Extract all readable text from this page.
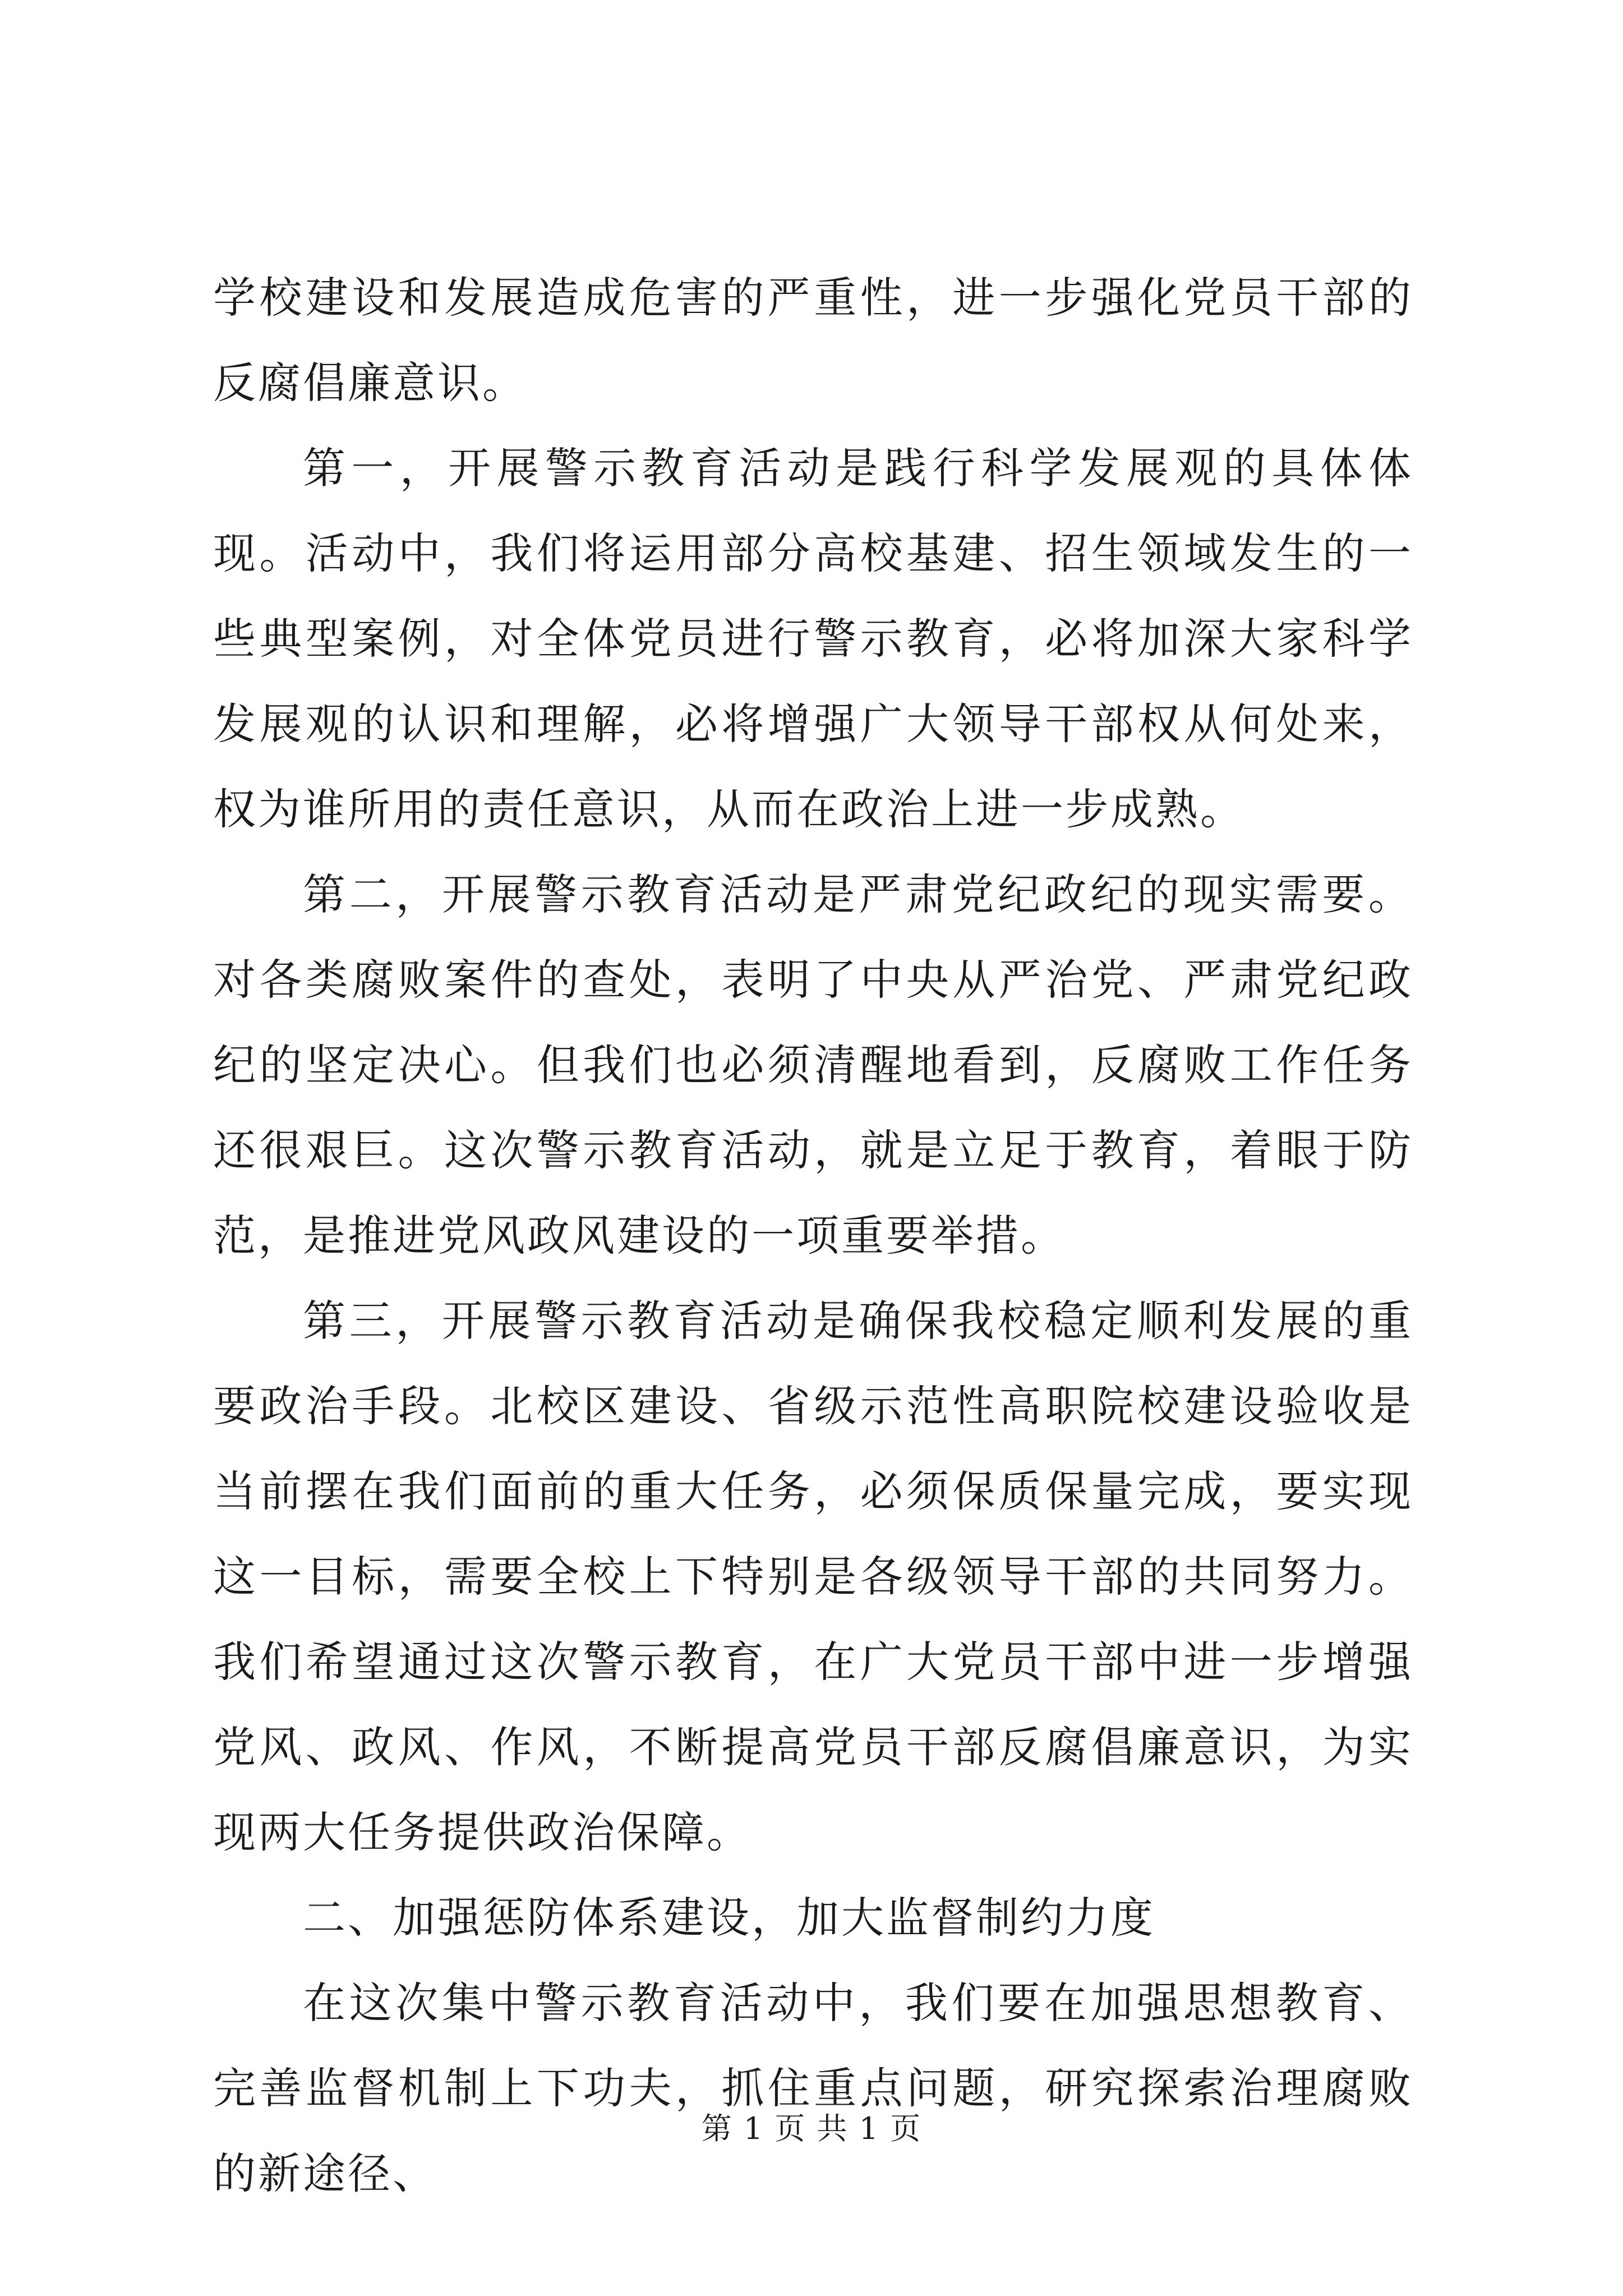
学校建设和发展造成危害的严重性，进一步强化党员干部的反腐倡廉意识。

第一，开展警示教育活动是践行科学发展观的具体体现。活动中，我们将运用部分高校基建、招生领域发生的一些典型案例，对全体党员进行警示教育，必将加深大家科学发展观的认识和理解，必将增强广大领导干部权从何处来，权为谁所用的责任意识，从而在政治上进一步成熟。

第二，开展警示教育活动是严肃党纪政纪的现实需要。对各类腐败案件的查处，表明了中央从严治党、严肃党纪政纪的坚定决心。但我们也必须清醒地看到，反腐败工作任务还很艰巨。这次警示教育活动，就是立足于教育，着眼于防范，是推进党风政风建设的一项重要举措。

第三，开展警示教育活动是确保我校稳定顺利发展的重要政治手段。北校区建设、省级示范性高职院校建设验收是当前摆在我们面前的重大任务，必须保质保量完成，要实现这一目标，需要全校上下特别是各级领导干部的共同努力。我们希望通过这次警示教育，在广大党员干部中进一步增强党风、政风、作风，不断提高党员干部反腐倡廉意识，为实现两大任务提供政治保障。

二、加强惩防体系建设，加大监督制约力度

在这次集中警示教育活动中，我们要在加强思想教育、完善监督机制上下功夫，抓住重点问题，研究探索治理腐败的新途径、

第 1 页 共 1 页
